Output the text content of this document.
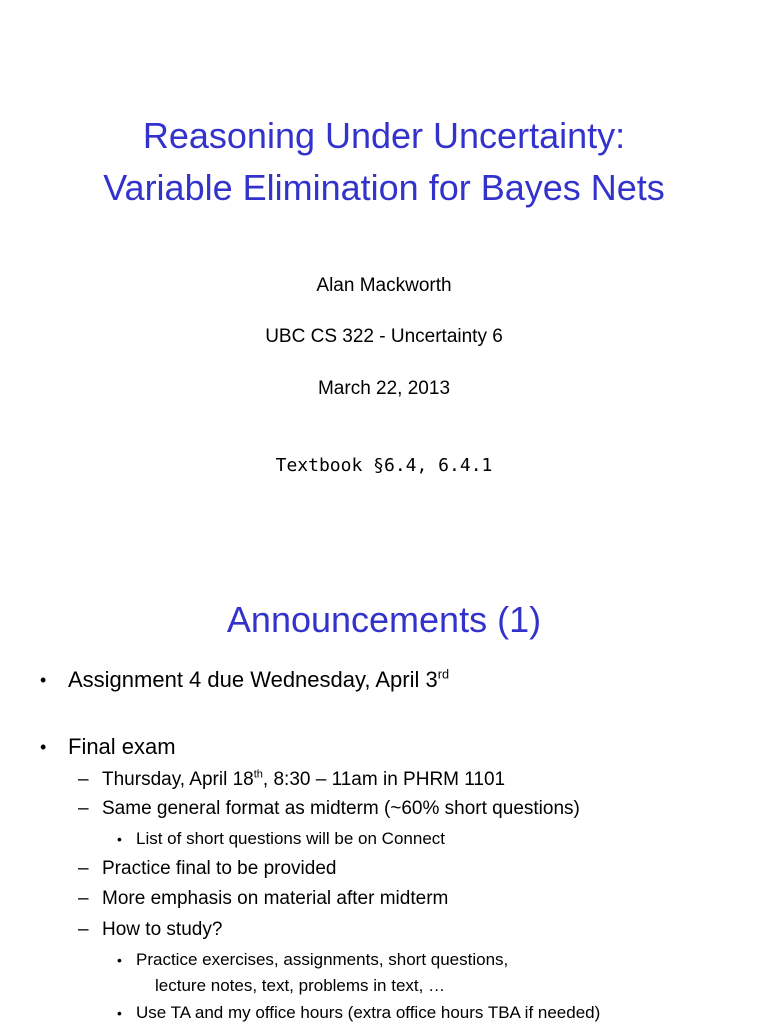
Reasoning Under Uncertainty:
Variable Elimination for Bayes Nets
Alan Mackworth
UBC CS 322 - Uncertainty 6
March 22, 2013
Textbook §6.4, 6.4.1
Announcements (1)
• Assignment 4 due Wednesday, April 3rd
• Final exam
– Thursday, April 18th, 8:30 – 11am in PHRM 1101
– Same general format as midterm (~60% short questions)
• List of short questions will be on Connect
– Practice final to be provided
– More emphasis on material after midterm
– How to study?
• Practice exercises, assignments, short questions,
lecture notes, text, problems in text, …
• Use TA and my office hours (extra office hours TBA if needed)
